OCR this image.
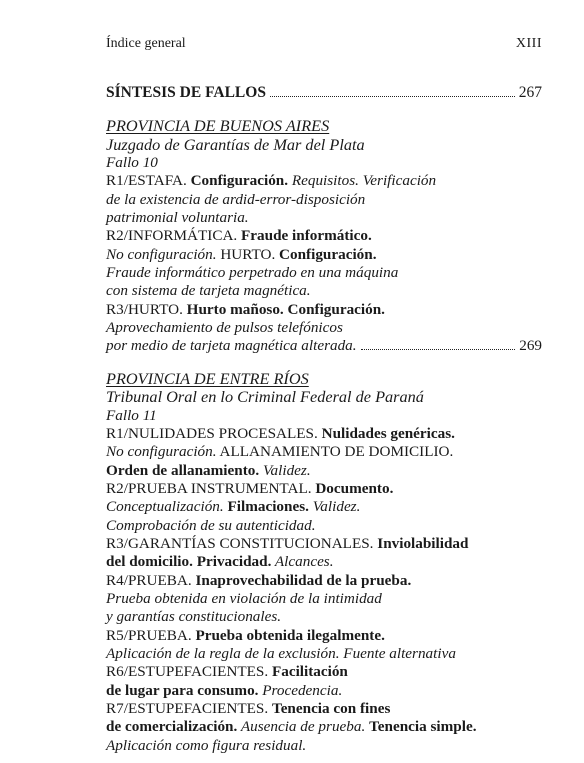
Índice general	XIII
SÍNTESIS DE FALLOS	267
PROVINCIA DE BUENOS AIRES
Juzgado de Garantías de Mar del Plata
Fallo 10
R1/ESTAFA. Configuración. Requisitos. Verificación
de la existencia de ardid-error-disposición
patrimonial voluntaria.
R2/INFORMÁTICA. Fraude informático.
No configuración. HURTO. Configuración.
Fraude informático perpetrado en una máquina
con sistema de tarjeta magnética.
R3/HURTO. Hurto mañoso. Configuración.
Aprovechamiento de pulsos telefónicos
por medio de tarjeta magnética alterada.	269
PROVINCIA DE ENTRE RÍOS
Tribunal Oral en lo Criminal Federal de Paraná
Fallo 11
R1/NULIDADES PROCESALES. Nulidades genéricas.
No configuración. ALLANAMIENTO DE DOMICILIO.
Orden de allanamiento. Validez.
R2/PRUEBA INSTRUMENTAL. Documento.
Conceptualización. Filmaciones. Validez.
Comprobación de su autenticidad.
R3/GARANTÍAS CONSTITUCIONALES. Inviolabilidad
del domicilio. Privacidad. Alcances.
R4/PRUEBA. Inaprovechabilidad de la prueba.
Prueba obtenida en violación de la intimidad
y garantías constitucionales.
R5/PRUEBA. Prueba obtenida ilegalmente.
Aplicación de la regla de la exclusión. Fuente alternativa
R6/ESTUPEFACIENTES. Facilitación
de lugar para consumo. Procedencia.
R7/ESTUPEFACIENTES. Tenencia con fines
de comercialización. Ausencia de prueba. Tenencia simple.
Aplicación como figura residual.
